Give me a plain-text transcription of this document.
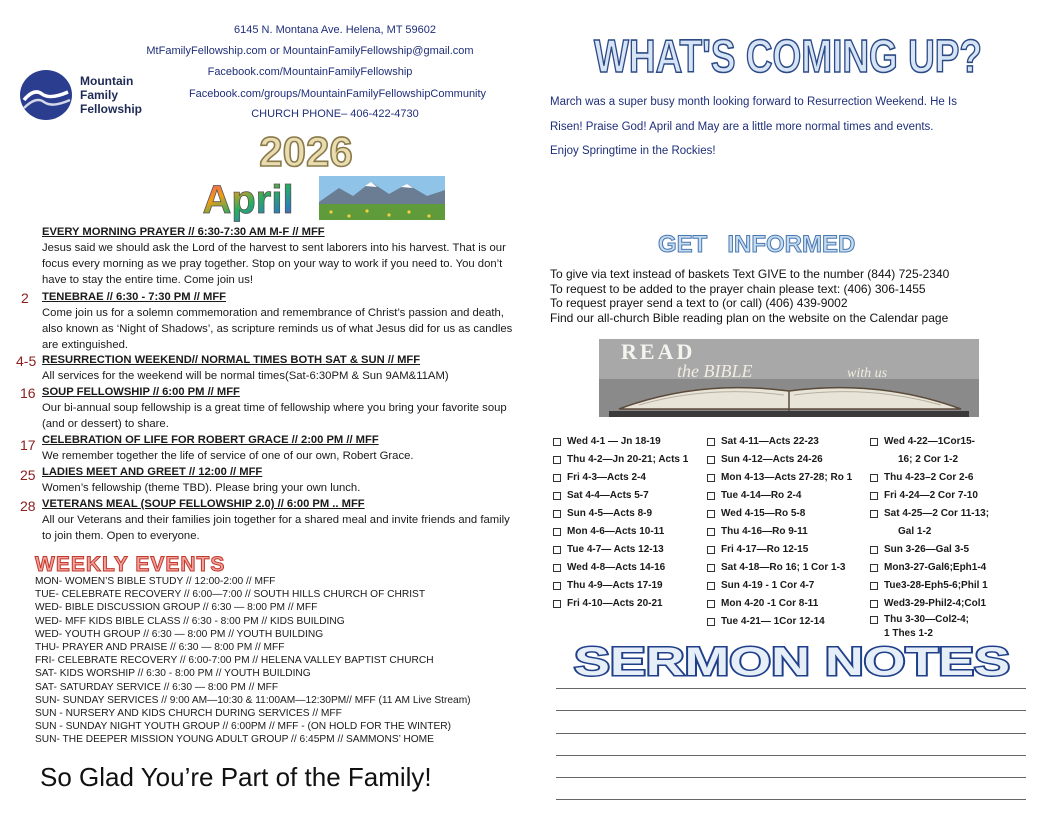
6145 N. Montana Ave. Helena, MT 59602
MtFamilyFellowship.com or MountainFamilyFellowship@gmail.com
Facebook.com/MountainFamilyFellowship
Facebook.com/groups/MountainFamilyFellowshipCommunity
CHURCH PHONE– 406-422-4730
Mountain
Family
Fellowship
2026
April
EVERY MORNING PRAYER // 6:30-7:30 AM M-F // MFF
Jesus said we should ask the Lord of the harvest to sent laborers into his harvest. That is our focus every morning as we pray together. Stop on your way to work if you need to. You don’t have to stay the entire time. Come join us!
2 TENEBRAE // 6:30 - 7:30 PM // MFF
Come join us for a solemn commemoration and remembrance of Christ’s passion and death, also known as ‘Night of Shadows’, as scripture reminds us of what Jesus did for us as candles are extinguished.
4-5 RESURRECTION WEEKEND// NORMAL TIMES BOTH SAT & SUN // MFF
All services for the weekend will be normal times(Sat-6:30PM & Sun 9AM&11AM)
16 SOUP FELLOWSHIP // 6:00 PM // MFF
Our bi-annual soup fellowship is a great time of fellowship where you bring your favorite soup (and or dessert) to share.
17 CELEBRATION OF LIFE FOR ROBERT GRACE // 2:00 PM // MFF
We remember together the life of service of one of our own, Robert Grace.
25 LADIES MEET AND GREET // 12:00 // MFF
Women’s fellowship (theme TBD). Please bring your own lunch.
28 VETERANS MEAL (SOUP FELLOWSHIP 2.0) // 6:00 PM .. MFF
All our Veterans and their families join together for a shared meal and invite friends and family to join them. Open to everyone.
WEEKLY EVENTS
MON- WOMEN’S BIBLE STUDY // 12:00-2:00 // MFF
TUE- CELEBRATE RECOVERY // 6:00—7:00 // SOUTH HILLS CHURCH OF CHRIST
WED- BIBLE DISCUSSION GROUP // 6:30 — 8:00 PM // MFF
WED- MFF KIDS BIBLE CLASS // 6:30 - 8:00 PM // KIDS BUILDING
WED- YOUTH GROUP // 6:30 — 8:00 PM // YOUTH BUILDING
THU- PRAYER AND PRAISE // 6:30 — 8:00 PM // MFF
FRI- CELEBRATE RECOVERY // 6:00-7:00 PM // HELENA VALLEY BAPTIST CHURCH
SAT- KIDS WORSHIP // 6:30 - 8:00 PM // YOUTH BUILDING
SAT- SATURDAY SERVICE // 6:30 — 8:00 PM // MFF
SUN- SUNDAY SERVICES // 9:00 AM—10:30 & 11:00AM—12:30PM// MFF (11 AM Live Stream)
SUN - NURSERY AND KIDS CHURCH DURING SERVICES // MFF
SUN - SUNDAY NIGHT YOUTH GROUP // 6:00PM // MFF - (ON HOLD FOR THE WINTER)
SUN- THE DEEPER MISSION YOUNG ADULT GROUP // 6:45PM // SAMMONS’ HOME
So Glad You’re Part of the Family!
WHAT'S COMING UP?
March was a super busy month looking forward to Resurrection Weekend. He Is
Risen! Praise God! April and May are a little more normal times and events.
Enjoy Springtime in the Rockies!
GET   INFORMED
To give via text instead of baskets Text GIVE to the number (844) 725-2340
To request to be added to the prayer chain please text: (406) 306-1455
To request prayer send a text to (or call) (406) 439-9002
Find our all-church Bible reading plan on the website on the Calendar page
READ
the BIBLE	with us
Wed 4-1 — Jn 18-19
Thu 4-2—Jn 20-21; Acts 1
Fri 4-3—Acts 2-4
Sat 4-4—Acts 5-7
Sun 4-5—Acts 8-9
Mon 4-6—Acts 10-11
Tue 4-7— Acts 12-13
Wed 4-8—Acts 14-16
Thu 4-9—Acts 17-19
Fri 4-10—Acts 20-21
Sat 4-11—Acts 22-23
Sun 4-12—Acts 24-26
Mon 4-13—Acts 27-28; Ro 1
Tue 4-14—Ro 2-4
Wed 4-15—Ro 5-8
Thu 4-16—Ro 9-11
Fri 4-17—Ro 12-15
Sat 4-18—Ro 16; 1 Cor 1-3
Sun 4-19 - 1 Cor 4-7
Mon 4-20 -1 Cor 8-11
Tue 4-21— 1Cor 12-14
Wed 4-22—1Cor15-
16; 2 Cor 1-2
Thu 4-23–2 Cor 2-6
Fri 4-24—2 Cor 7-10
Sat 4-25—2 Cor 11-13;
Gal 1-2
Sun 3-26—Gal 3-5
Mon3-27-Gal6;Eph1-4
Tue3-28-Eph5-6;Phil 1
Wed3-29-Phil2-4;Col1
Thu 3-30—Col2-4;
1 Thes 1-2
SERMON NOTES
